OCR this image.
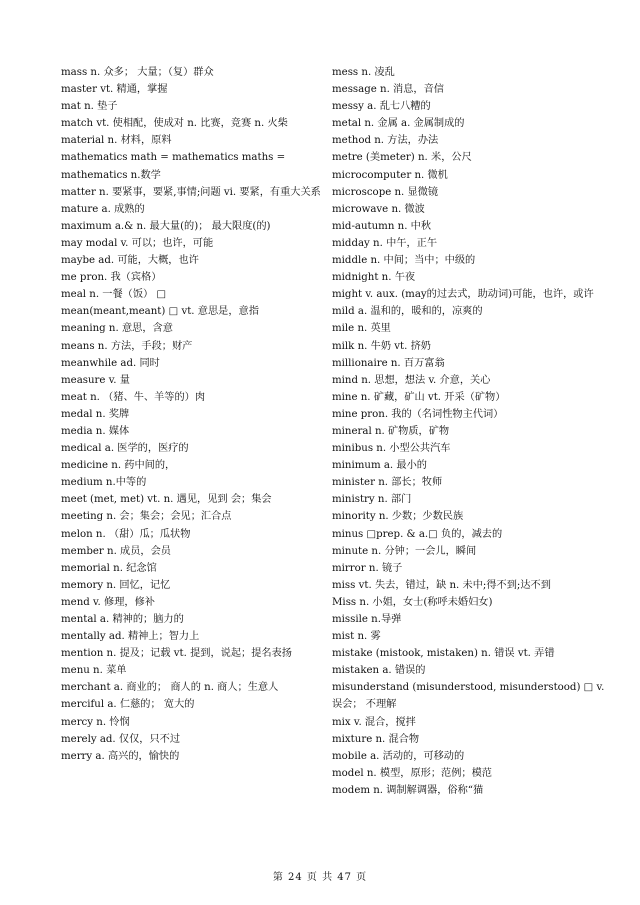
mass n. 众多； 大量；（复）群众
master vt. 精通，掌握
mat n. 垫子
match vt. 使相配，使成对 n. 比赛，竞赛 n. 火柴
material n. 材料，原料
mathematics math = mathematics maths =
mathematics n.数学
matter n. 要紧事，要紧,事情;问题 vi. 要紧，有重大关系
mature a. 成熟的
maximum a.& n. 最大量(的)； 最大限度(的)
may modal v. 可以；也许，可能
maybe ad. 可能，大概，也许
me pron. 我（宾格）
meal n. 一餐（饭） □
mean(meant,meant) □ vt. 意思是，意指
meaning n. 意思，含意
means n. 方法，手段；财产
meanwhile ad. 同时
measure v. 量
meat n. （猪、牛、羊等的）肉
medal n. 奖牌
media n. 媒体
medical a. 医学的，医疗的
medicine n. 药中间的，
medium n.中等的
meet (met, met) vt. n. 遇见，见到 会；集会
meeting n. 会；集会；会见；汇合点
melon n. （甜）瓜；瓜状物
member n. 成员，会员
memorial n. 纪念馆
memory n. 回忆，记忆
mend v. 修理，修补
mental a. 精神的；脑力的
mentally ad. 精神上；智力上
mention n. 提及；记载 vt. 提到，说起；提名表扬
menu n. 菜单
merchant a. 商业的； 商人的 n. 商人；生意人
merciful a. 仁慈的； 宽大的
mercy n. 怜悯
merely ad. 仅仅，只不过
merry a. 高兴的，愉快的
mess n. 凌乱
message n. 消息，音信
messy a. 乱七八糟的
metal n. 金属 a. 金属制成的
method n. 方法，办法
metre (美meter) n. 米，公尺
microcomputer n. 微机
microscope n. 显微镜
microwave n. 微波
mid-autumn n. 中秋
midday n. 中午，正午
middle n. 中间；当中；中级的
midnight n. 午夜
might v. aux. (may的过去式，助动词)可能，也许，或许
mild a. 温和的，暖和的，凉爽的
mile n. 英里
milk n. 牛奶 vt. 挤奶
millionaire n. 百万富翁
mind n. 思想，想法 v. 介意，关心
mine n. 矿藏，矿山 vt. 开采（矿物）
mine pron. 我的（名词性物主代词）
mineral n. 矿物质，矿物
minibus n. 小型公共汽车
minimum a. 最小的
minister n. 部长；牧师
ministry n. 部门
minority n. 少数；少数民族
minus □prep. & a.□ 负的，减去的
minute n. 分钟；一会儿，瞬间
mirror n. 镜子
miss vt. 失去，错过，缺 n. 未中;得不到;达不到
Miss n. 小姐，女士(称呼未婚妇女)
missile n.导弹
mist n. 雾
mistake (mistook, mistaken) n. 错误 vt. 弄错
mistaken a. 错误的
misunderstand (misunderstood, misunderstood) □ v. 误会； 不理解
mix v. 混合，搅拌
mixture n. 混合物
mobile a. 活动的，可移动的
model n. 模型，原形；范例；模范
modem n. 调制解调器，俗称“猫
第 24 页 共 47 页
